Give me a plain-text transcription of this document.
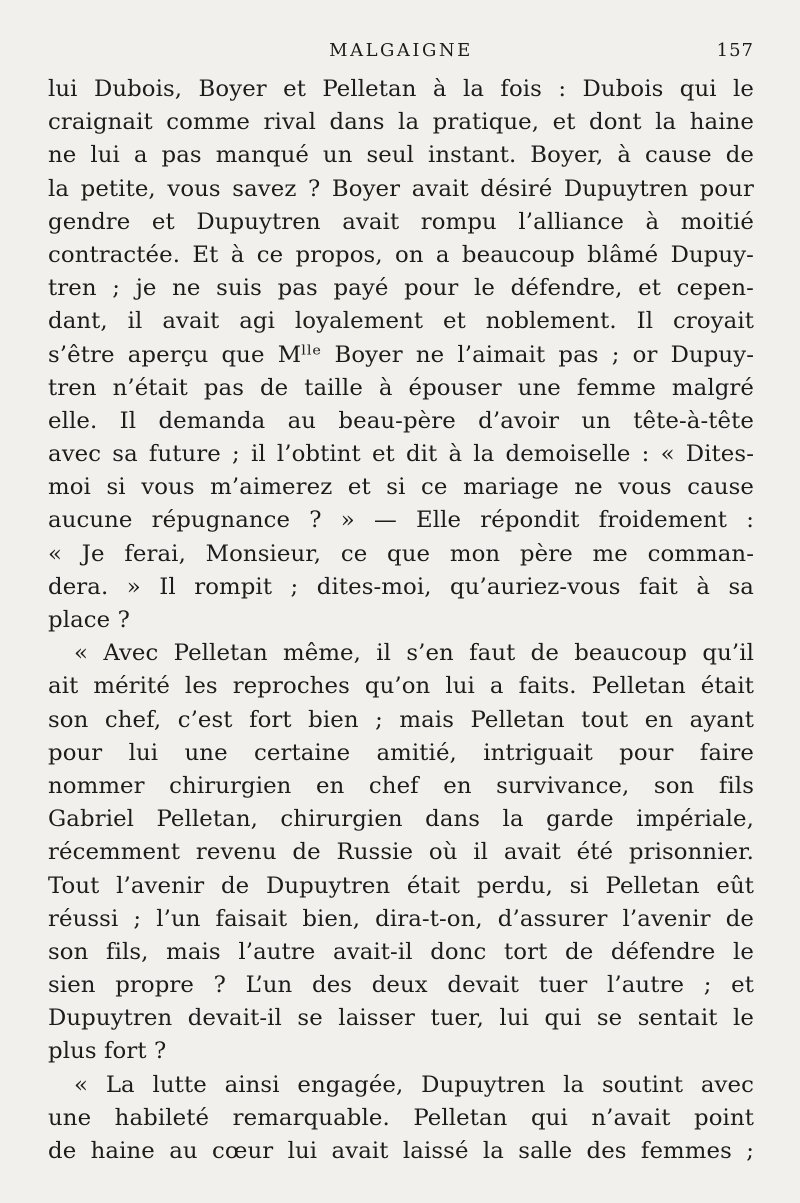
MALGAIGNE	157
lui Dubois, Boyer et Pelletan à la fois : Dubois qui le
craignait comme rival dans la pratique, et dont la haine
ne lui a pas manqué un seul instant. Boyer, à cause de
la petite, vous savez ? Boyer avait désiré Dupuytren pour
gendre et Dupuytren avait rompu l’alliance à moitié
contractée. Et à ce propos, on a beaucoup blâmé Dupuy-
tren ; je ne suis pas payé pour le défendre, et cepen-
dant, il avait agi loyalement et noblement. Il croyait
s’être aperçu que Mˡˡᵉ Boyer ne l’aimait pas ; or Dupuy-
tren n’était pas de taille à épouser une femme malgré
elle. Il demanda au beau-père d’avoir un tête-à-tête
avec sa future ; il l’obtint et dit à la demoiselle : « Dites-
moi si vous m’aimerez et si ce mariage ne vous cause
aucune répugnance ? » — Elle répondit froidement :
« Je ferai, Monsieur, ce que mon père me comman-
dera. » Il rompit ; dites-moi, qu’auriez-vous fait à sa
place ?
« Avec Pelletan même, il s’en faut de beaucoup qu’il
ait mérité les reproches qu’on lui a faits. Pelletan était
son chef, c’est fort bien ; mais Pelletan tout en ayant
pour lui une certaine amitié, intriguait pour faire
nommer chirurgien en chef en survivance, son fils
Gabriel Pelletan, chirurgien dans la garde impériale,
récemment revenu de Russie où il avait été prisonnier.
Tout l’avenir de Dupuytren était perdu, si Pelletan eût
réussi ; l’un faisait bien, dira-t-on, d’assurer l’avenir de
son fils, mais l’autre avait-il donc tort de défendre le
sien propre ? L’un des deux devait tuer l’autre ; et
Dupuytren devait-il se laisser tuer, lui qui se sentait le
plus fort ?
« La lutte ainsi engagée, Dupuytren la soutint avec
une habileté remarquable. Pelletan qui n’avait point
de haine au cœur lui avait laissé la salle des femmes ;
